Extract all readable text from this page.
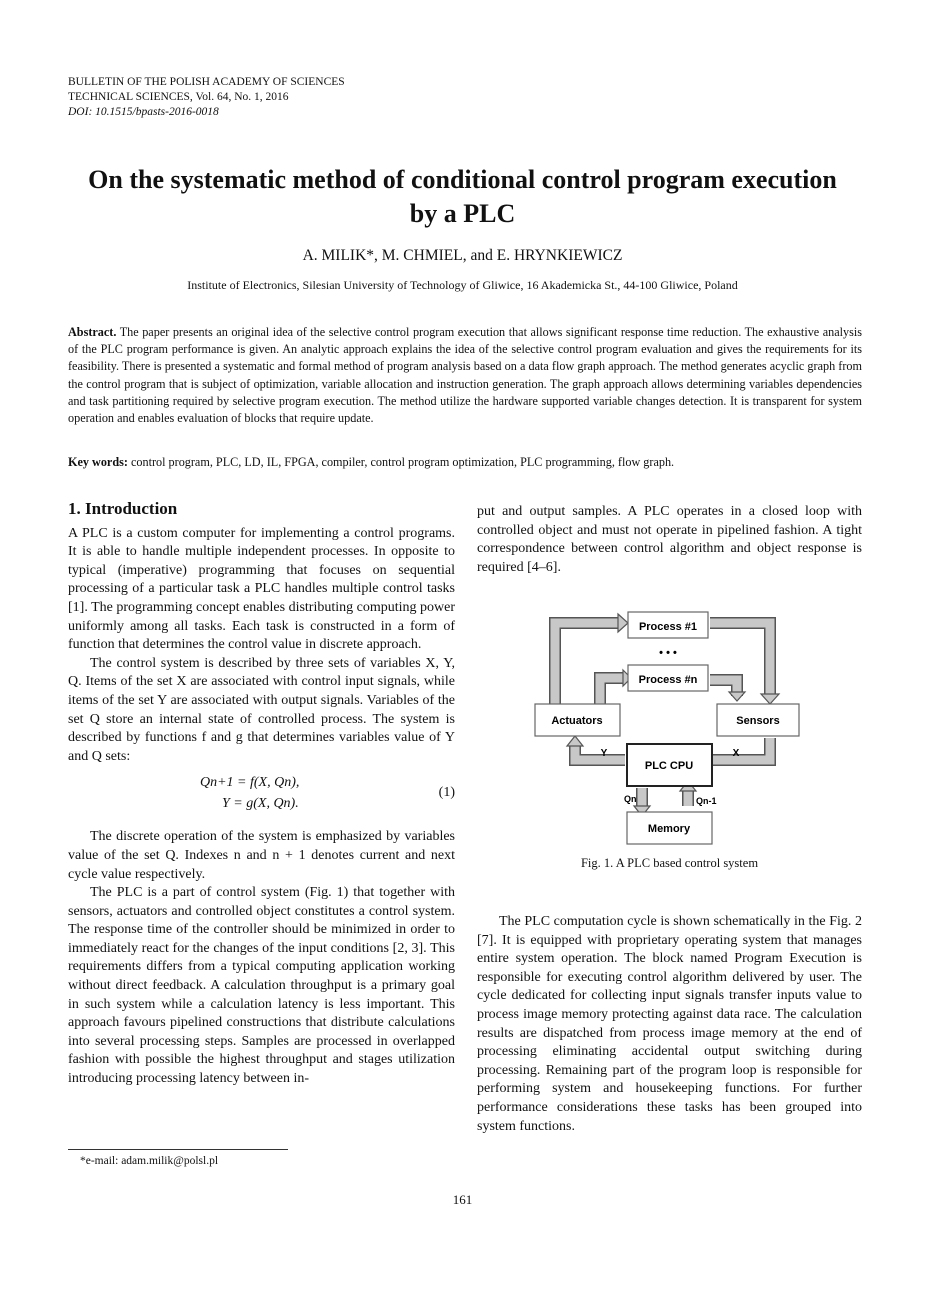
BULLETIN OF THE POLISH ACADEMY OF SCIENCES
TECHNICAL SCIENCES, Vol. 64, No. 1, 2016
DOI: 10.1515/bpasts-2016-0018
On the systematic method of conditional control program execution
by a PLC
A. MILIK*, M. CHMIEL, and E. HRYNKIEWICZ
Institute of Electronics, Silesian University of Technology of Gliwice, 16 Akademicka St., 44-100 Gliwice, Poland
Abstract. The paper presents an original idea of the selective control program execution that allows significant response time reduction. The exhaustive analysis of the PLC program performance is given. An analytic approach explains the idea of the selective control program evaluation and gives the requirements for its feasibility. There is presented a systematic and formal method of program analysis based on a data flow graph approach. The method generates acyclic graph from the control program that is subject of optimization, variable allocation and instruction generation. The graph approach allows determining variables dependencies and task partitioning required by selective program execution. The method utilize the hardware supported variable changes detection. It is transparent for system operation and enables evaluation of blocks that require update.
Key words: control program, PLC, LD, IL, FPGA, compiler, control program optimization, PLC programming, flow graph.
1. Introduction

A PLC is a custom computer for implementing a control programs. It is able to handle multiple independent processes. In opposite to typical (imperative) programming that focuses on sequential processing of a particular task a PLC handles multiple control tasks [1]. The programming concept enables distributing computing power uniformly among all tasks. Each task is constructed in a form of function that determines the control value in discrete approach.

The control system is described by three sets of variables X, Y, Q. Items of the set X are associated with control input signals, while items of the set Y are associated with output signals. Variables of the set Q store an internal state of controlled process. The system is described by functions f and g that determines variables value of Y and Q sets:

Qn+1 = f(X, Qn),
Y = g(X, Qn).
(1)

The discrete operation of the system is emphasized by variables value of the set Q. Indexes n and n + 1 denotes current and next cycle value respectively.

The PLC is a part of control system (Fig. 1) that together with sensors, actuators and controlled object constitutes a control system. The response time of the controller should be minimized in order to immediately react for the changes of the input conditions [2, 3]. This requirements differs from a typical computing application working without direct feedback. A calculation throughput is a primary goal in such system while a calculation latency is less important. This approach favours pipelined constructions that distribute calculations into several processing steps. Samples are processed in overlapped fashion with possible the highest throughput and stages utilization introducing processing latency between in-

put and output samples. A PLC operates in a closed loop with controlled object and must not operate in pipelined fashion. A tight correspondence between control algorithm and object response is required [4–6].
Process #1
• • •
Process #n
Actuators	Sensors
PLC CPU
Memory
Y	X
Qn	Qn-1
Fig. 1. A PLC based control system

The PLC computation cycle is shown schematically in the Fig. 2 [7]. It is equipped with proprietary operating system that manages entire system operation. The block named Program Execution is responsible for executing control algorithm delivered by user. The cycle dedicated for collecting input signals transfer inputs value to process image memory protecting against data race. The calculation results are dispatched from process image memory at the end of processing eliminating accidental output switching during processing. Remaining part of the program loop is responsible for performing system and housekeeping functions. For further performance considerations these tasks has been grouped into system functions.

*e-mail: adam.milik@polsl.pl
161
